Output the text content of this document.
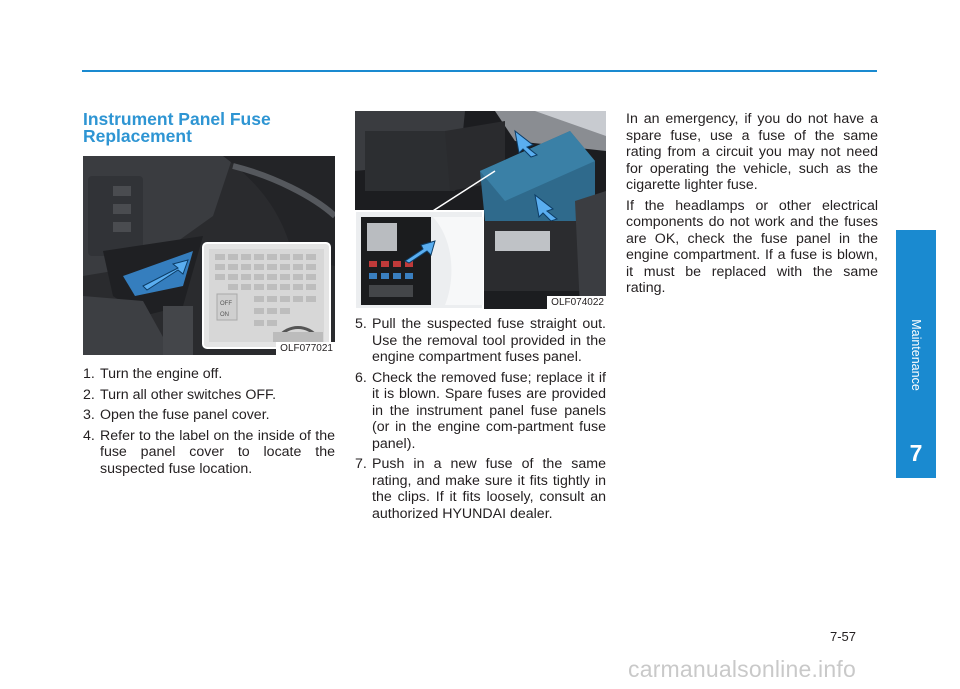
Instrument Panel Fuse Replacement
OFF
ON
OLF077021
OLF074022
1. Turn the engine off.
2. Turn all other switches OFF.
3. Open the fuse panel cover.
4. Refer to the label on the inside of the fuse panel cover to locate the suspected fuse location.
5. Pull the suspected fuse straight out. Use the removal tool provided in the engine compartment fuses panel.
6. Check the removed fuse; replace it if it is blown. Spare fuses are provided in the instrument panel fuse panels (or in the engine com-partment fuse panel).
7. Push in a new fuse of the same rating, and make sure it fits tightly in the clips. If it fits loosely, consult an authorized HYUNDAI dealer.

In an emergency, if you do not have a spare fuse, use a fuse of the same rating from a circuit you may not need for operating the vehicle, such as the cigarette lighter fuse.

If the headlamps or other electrical components do not work and the fuses are OK, check the fuse panel in the engine compartment. If a fuse is blown, it must be replaced with the same rating.

Maintenance
7
7-57
carmanualsonline.info
